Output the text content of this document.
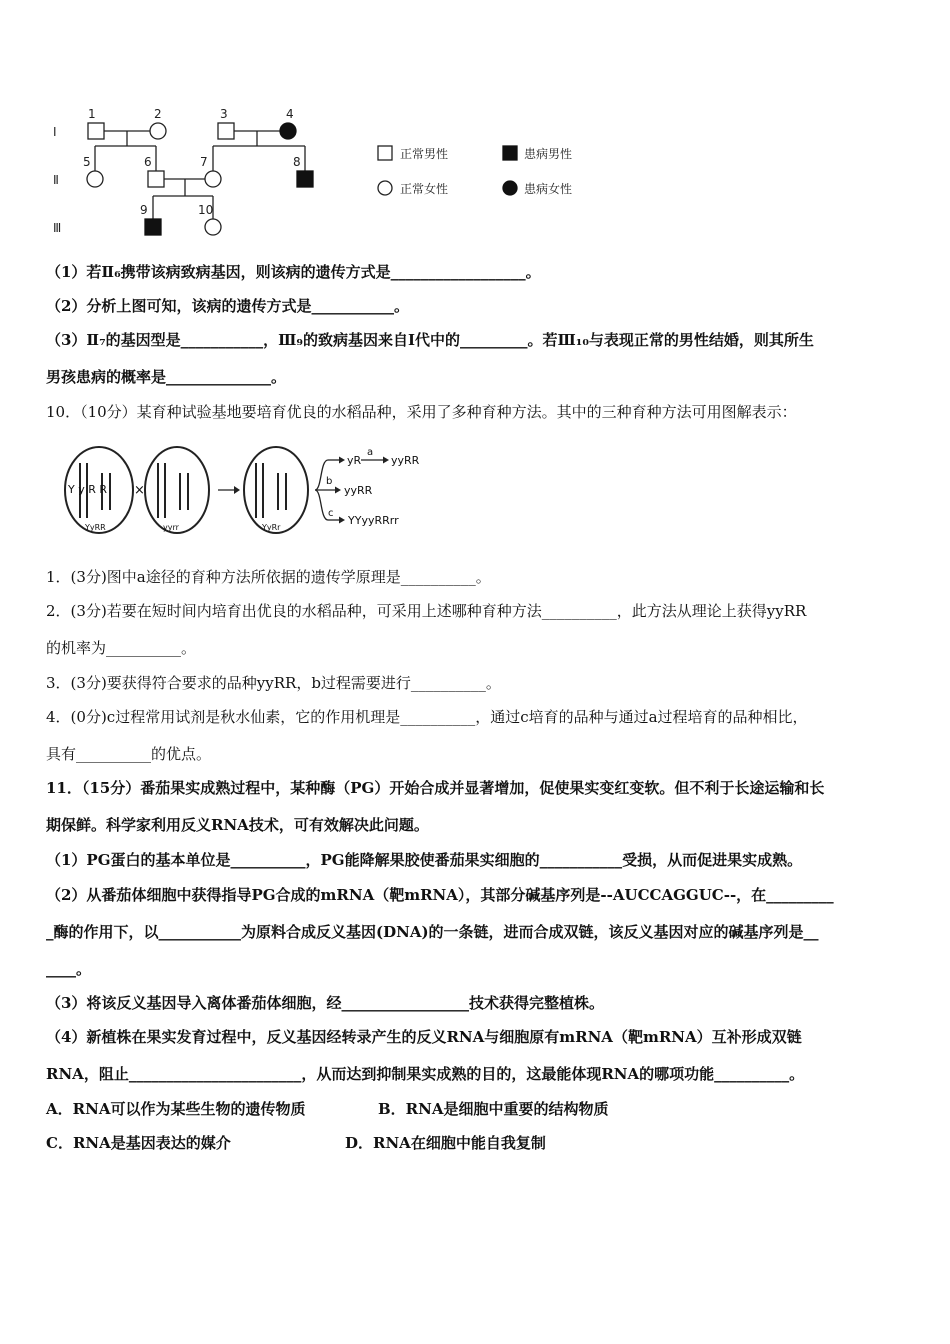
Ⅰ
Ⅱ
Ⅲ
1	2	3	4
5	6	7	8
9	10
正常男性	患病男性
正常女性	患病女性
（1）若Ⅱ₆携带该病致病基因，则该病的遗传方式是__________________。
（2）分析上图可知，该病的遗传方式是___________。
（3）Ⅱ₇的基因型是___________，Ⅲ₉的致病基因来自Ⅰ代中的_________。若Ⅲ₁₀与表现正常的男性结婚，则其所生
男孩患病的概率是______________。
10．（10分）某育种试验基地要培育优良的水稻品种，采用了多种育种方法。其中的三种育种方法可用图解表示：
Y y R R
YyRR	yyrr	YyRr
×
a
yR	yyRR
b
yyRR
c
YYyyRRrr
1．(3分)图中a途径的育种方法所依据的遗传学原理是__________。
2．(3分)若要在短时间内培育出优良的水稻品种，可采用上述哪种育种方法__________，此方法从理论上获得yyRR
的机率为__________。
3．(3分)要获得符合要求的品种yyRR，b过程需要进行__________。
4．(0分)c过程常用试剂是秋水仙素，它的作用机理是__________，通过c培育的品种与通过a过程培育的品种相比，
具有__________的优点。
11．（15分）番茄果实成熟过程中，某种酶（PG）开始合成并显著增加，促使果实变红变软。但不利于长途运输和长
期保鲜。科学家利用反义RNA技术，可有效解决此问题。
（1）PG蛋白的基本单位是__________，PG能降解果胶使番茄果实细胞的___________受损，从而促进果实成熟。
（2）从番茄体细胞中获得指导PG合成的mRNA（靶mRNA），其部分碱基序列是--AUCCAGGUC--，在_________
_酶的作用下，以___________为原料合成反义基因(DNA)的一条链，进而合成双链，该反义基因对应的碱基序列是__
____。
（3）将该反义基因导入离体番茄体细胞，经_________________技术获得完整植株。
（4）新植株在果实发育过程中，反义基因经转录产生的反义RNA与细胞原有mRNA（靶mRNA）互补形成双链
RNA，阻止_______________________，从而达到抑制果实成熟的目的，这最能体现RNA的哪项功能__________。
A．RNA可以作为某些生物的遗传物质	B．RNA是细胞中重要的结构物质
C．RNA是基因表达的媒介	D．RNA在细胞中能自我复制
